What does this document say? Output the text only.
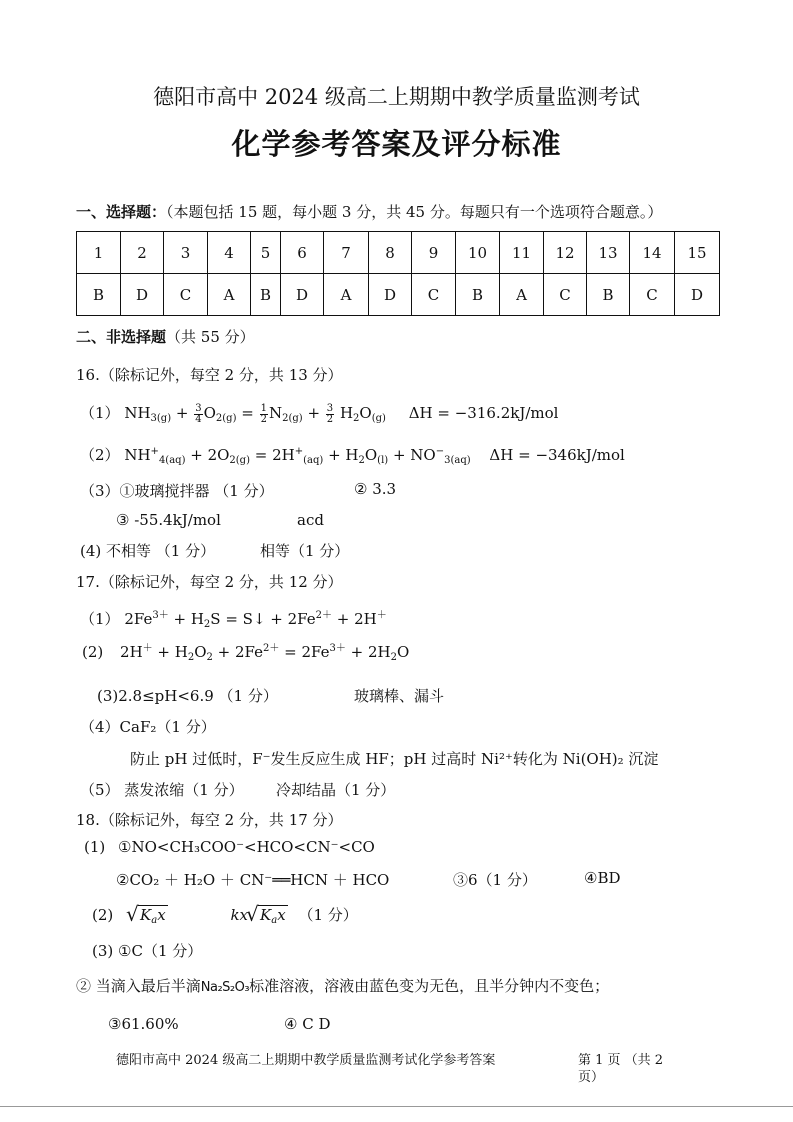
德阳市高中 2024 级高二上期期中教学质量监测考试
化学参考答案及评分标准
一、选择题：（本题包括 15 题，每小题 3 分，共 45 分。每题只有一个选项符合题意。）
1	2	3	4	5	6	7	8	9	10	11	12	13	14	15
B	D	C	A	B	D	A	D	C	B	A	C	B	C	D
二、非选择题（共 55 分）
16.（除标记外，每空 2 分，共 13 分）
（1） $NH_{3(g)} + \frac{3}{4} O_{2(g)} = \frac{1}{2} N_{2(g)} + \frac{3}{2} H_2O_{(g)}$ ΔH = −316.2kJ/mol
（2） $NH^+_{4(aq)} + 2O_{2(g)} = 2H^+_{(aq)} + H_2O_{(l)} + NO^-_{3(aq)}$ ΔH = −346kJ/mol
（3）①玻璃搅拌器 （1 分）	② 3.3
③ -55.4kJ/mol	acd
(4) 不相等 （1 分）	相等（1 分）
17.（除标记外，每空 2 分，共 12 分）
（1） $2Fe^{3+} + H_2S$ = S↓ + $2Fe^{2+} + 2H^+$
(2) $2H^+ + H_2O_2 + 2Fe^{2+} = 2Fe^{3+} + 2H_2O$
(3)2.8≤pH<6.9 （1 分）	玻璃棒、漏斗
（4）CaF₂（1 分）
防止 pH 过低时，F⁻发生反应生成 HF；pH 过高时 Ni²⁺转化为 Ni(OH)₂ 沉淀
（5） 蒸发浓缩（1 分） 冷却结晶（1 分）
18.（除标记外，每空 2 分，共 17 分）
(1) ①NO<CH₃COO⁻<HCO<CN⁻<CO
②CO₂ ＋ H₂O ＋ CN⁻══HCN ＋ HCO	③6（1 分）	④BD
(2) √ $K_ax$	kx √ $K_ax$ （1 分）
(3) ①C（1 分）
② 当滴入最后半滴Na₂S₂O₃标准溶液，溶液由蓝色变为无色，且半分钟内不变色；
③61.60%	④ C D
德阳市高中 2024 级高二上期期中教学质量监测考试化学参考答案	第 1 页 （共 2
页）
